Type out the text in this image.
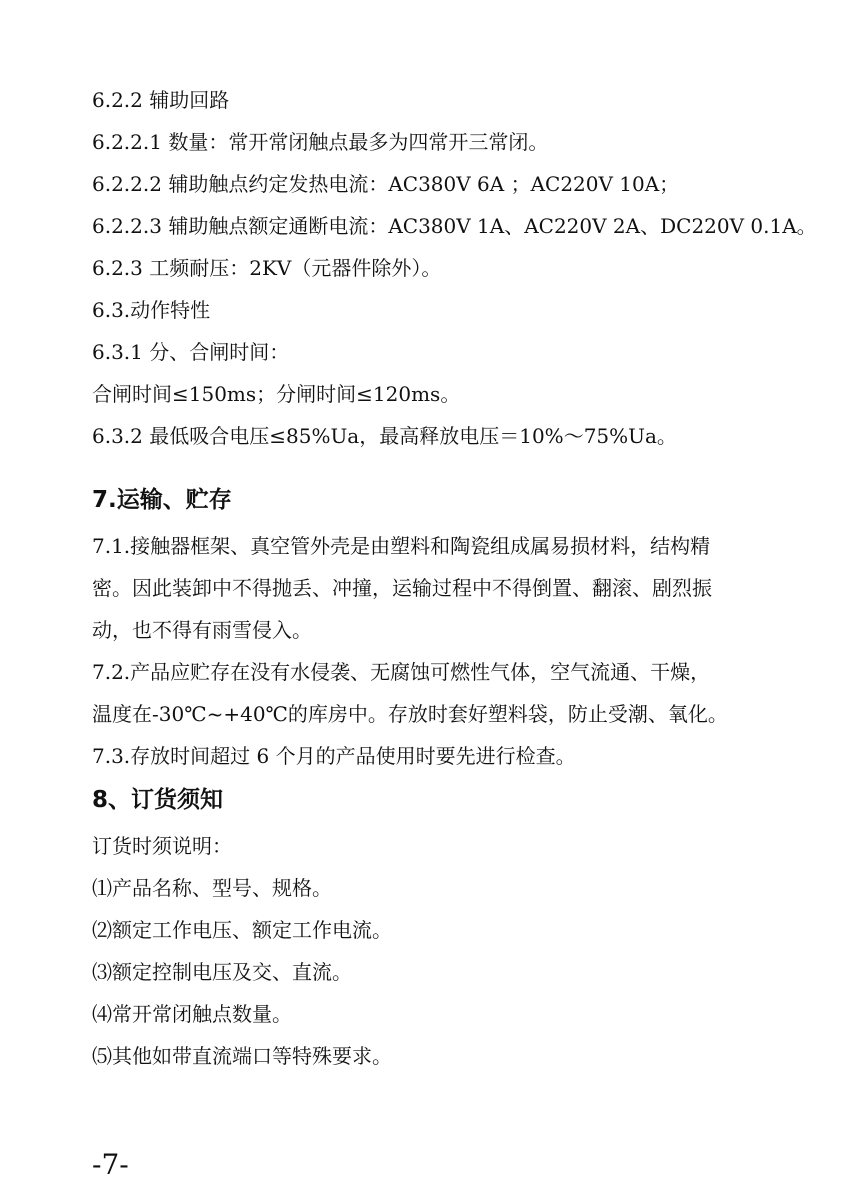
6.2.2 辅助回路
6.2.2.1 数量：常开常闭触点最多为四常开三常闭。
6.2.2.2 辅助触点约定发热电流：AC380V 6A ；AC220V 10A；
6.2.2.3 辅助触点额定通断电流：AC380V 1A、AC220V 2A、DC220V 0.1A。
6.2.3 工频耐压：2KV（元器件除外）。
6.3.动作特性
6.3.1 分、合闸时间：
合闸时间≤150ms；分闸时间≤120ms。
6.3.2 最低吸合电压≤85%Ua，最高释放电压＝10%～75%Ua。
7.运输、贮存
7.1.接触器框架、真空管外壳是由塑料和陶瓷组成属易损材料，结构精
密。因此装卸中不得抛丢、冲撞，运输过程中不得倒置、翻滚、剧烈振
动，也不得有雨雪侵入。
7.2.产品应贮存在没有水侵袭、无腐蚀可燃性气体，空气流通、干燥，
温度在-30℃~+40℃的库房中。存放时套好塑料袋，防止受潮、氧化。
7.3.存放时间超过 6 个月的产品使用时要先进行检查。
8、订货须知
订货时须说明：
⑴产品名称、型号、规格。
⑵额定工作电压、额定工作电流。
⑶额定控制电压及交、直流。
⑷常开常闭触点数量。
⑸其他如带直流端口等特殊要求。
-7-
